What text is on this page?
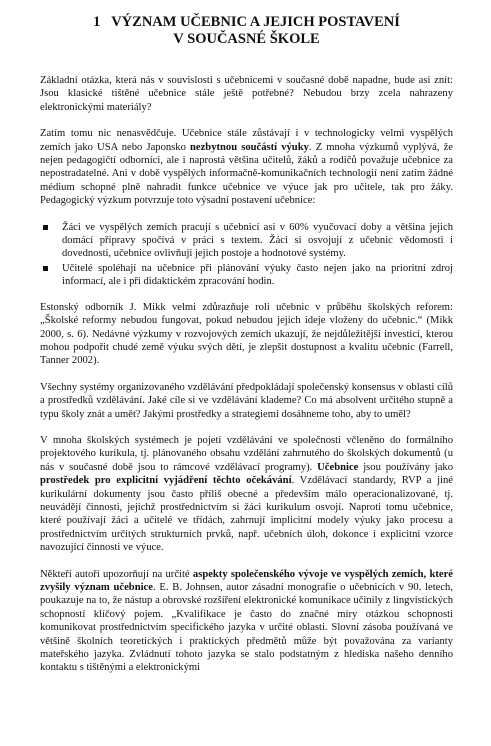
1 VÝZNAM UČEBNIC A JEJICH POSTAVENÍ
V SOUČASNÉ ŠKOLE

Základní otázka, která nás v souvislosti s učebnicemi v současné době napadne, bude asi znít: Jsou klasické tištěné učebnice stále ještě potřebné? Nebudou brzy zcela nahrazeny elektronickými materiály?

Zatím tomu nic nenasvědčuje. Učebnice stále zůstávají i v technologicky velmi vyspělých zemích jako USA nebo Japonsko nezbytnou součástí výuky. Z mnoha výzkumů vyplývá, že nejen pedagogičtí odborníci, ale i naprostá většina učitelů, žáků a rodičů považuje učebnice za nepostradatelné. Ani v době vyspělých informačně-komunikačních technologií není zatím žádné médium schopné plně nahradit funkce učebnice ve výuce jak pro učitele, tak pro žáky. Pedagogický výzkum potvrzuje toto výsadní postavení učebnice:

Žáci ve vyspělých zemích pracují s učebnicí asi v 60% vyučovací doby a většina jejich domácí přípravy spočívá v práci s textem. Žáci si osvojují z učebnic vědomosti i dovednosti, učebnice ovlivňují jejich postoje a hodnotové systémy.
Učitelé spoléhají na učebnice při plánování výuky často nejen jako na prioritní zdroj informací, ale i při didaktickém zpracování hodin.

Estonský odborník J. Mikk velmi zdůrazňuje roli učebnic v průběhu školských reforem: „Školské reformy nebudou fungovat, pokud nebudou jejich ideje vloženy do učebnic.“ (Mikk 2000, s. 6). Nedávné výzkumy v rozvojových zemích ukazují, že nejdůležitější investicí, kterou mohou podpořit chudé země výuku svých dětí, je zlepšit dostupnost a kvalitu učebnic (Farrell, Tanner 2002).

Všechny systémy organizovaného vzdělávání předpokládají společenský konsensus v oblasti cílů a prostředků vzdělávání. Jaké cíle si ve vzdělávání klademe? Co má absolvent určitého stupně a typu školy znát a umět? Jakými prostředky a strategiemi dosáhneme toho, aby to uměl?

V mnoha školských systémech je pojetí vzdělávání ve společnosti včleněno do formálního projektového kurikula, tj. plánovaného obsahu vzdělání zahrnutého do školských dokumentů (u nás v současné době jsou to rámcové vzdělávací programy). Učebnice jsou používány jako prostředek pro explicitní vyjádření těchto očekávání. Vzdělávací standardy, RVP a jiné kurikulární dokumenty jsou často příliš obecné a především málo operacionalizované, tj. neuvádějí činnosti, jejichž prostřednictvím si žáci kurikulum osvojí. Naproti tomu učebnice, které používají žáci a učitelé ve třídách, zahrnují implicitní modely výuky jako procesu a prostřednictvím určitých strukturních prvků, např. učebních úloh, dokonce i explicitní vzorce navozující činnosti ve výuce.

Někteří autoři upozorňují na určité aspekty společenského vývoje ve vyspělých zemích, které zvyšily význam učebnice. E. B. Johnsen, autor zásadní monografie o učebnicích v 90. letech, poukazuje na to, že nástup a obrovské rozšíření elektronické komunikace učinily z lingvistických schopností klíčový pojem. „Kvalifikace je často do značné míry otázkou schopnosti komunikovat prostřednictvím specifického jazyka v určité oblasti. Slovní zásoba používaná ve většině školních teoretických i praktických předmětů může být považována za varianty mateřského jazyka. Zvládnutí tohoto jazyka se stalo podstatným z hlediska našeho denního kontaktu s tištěnými a elektronickými
